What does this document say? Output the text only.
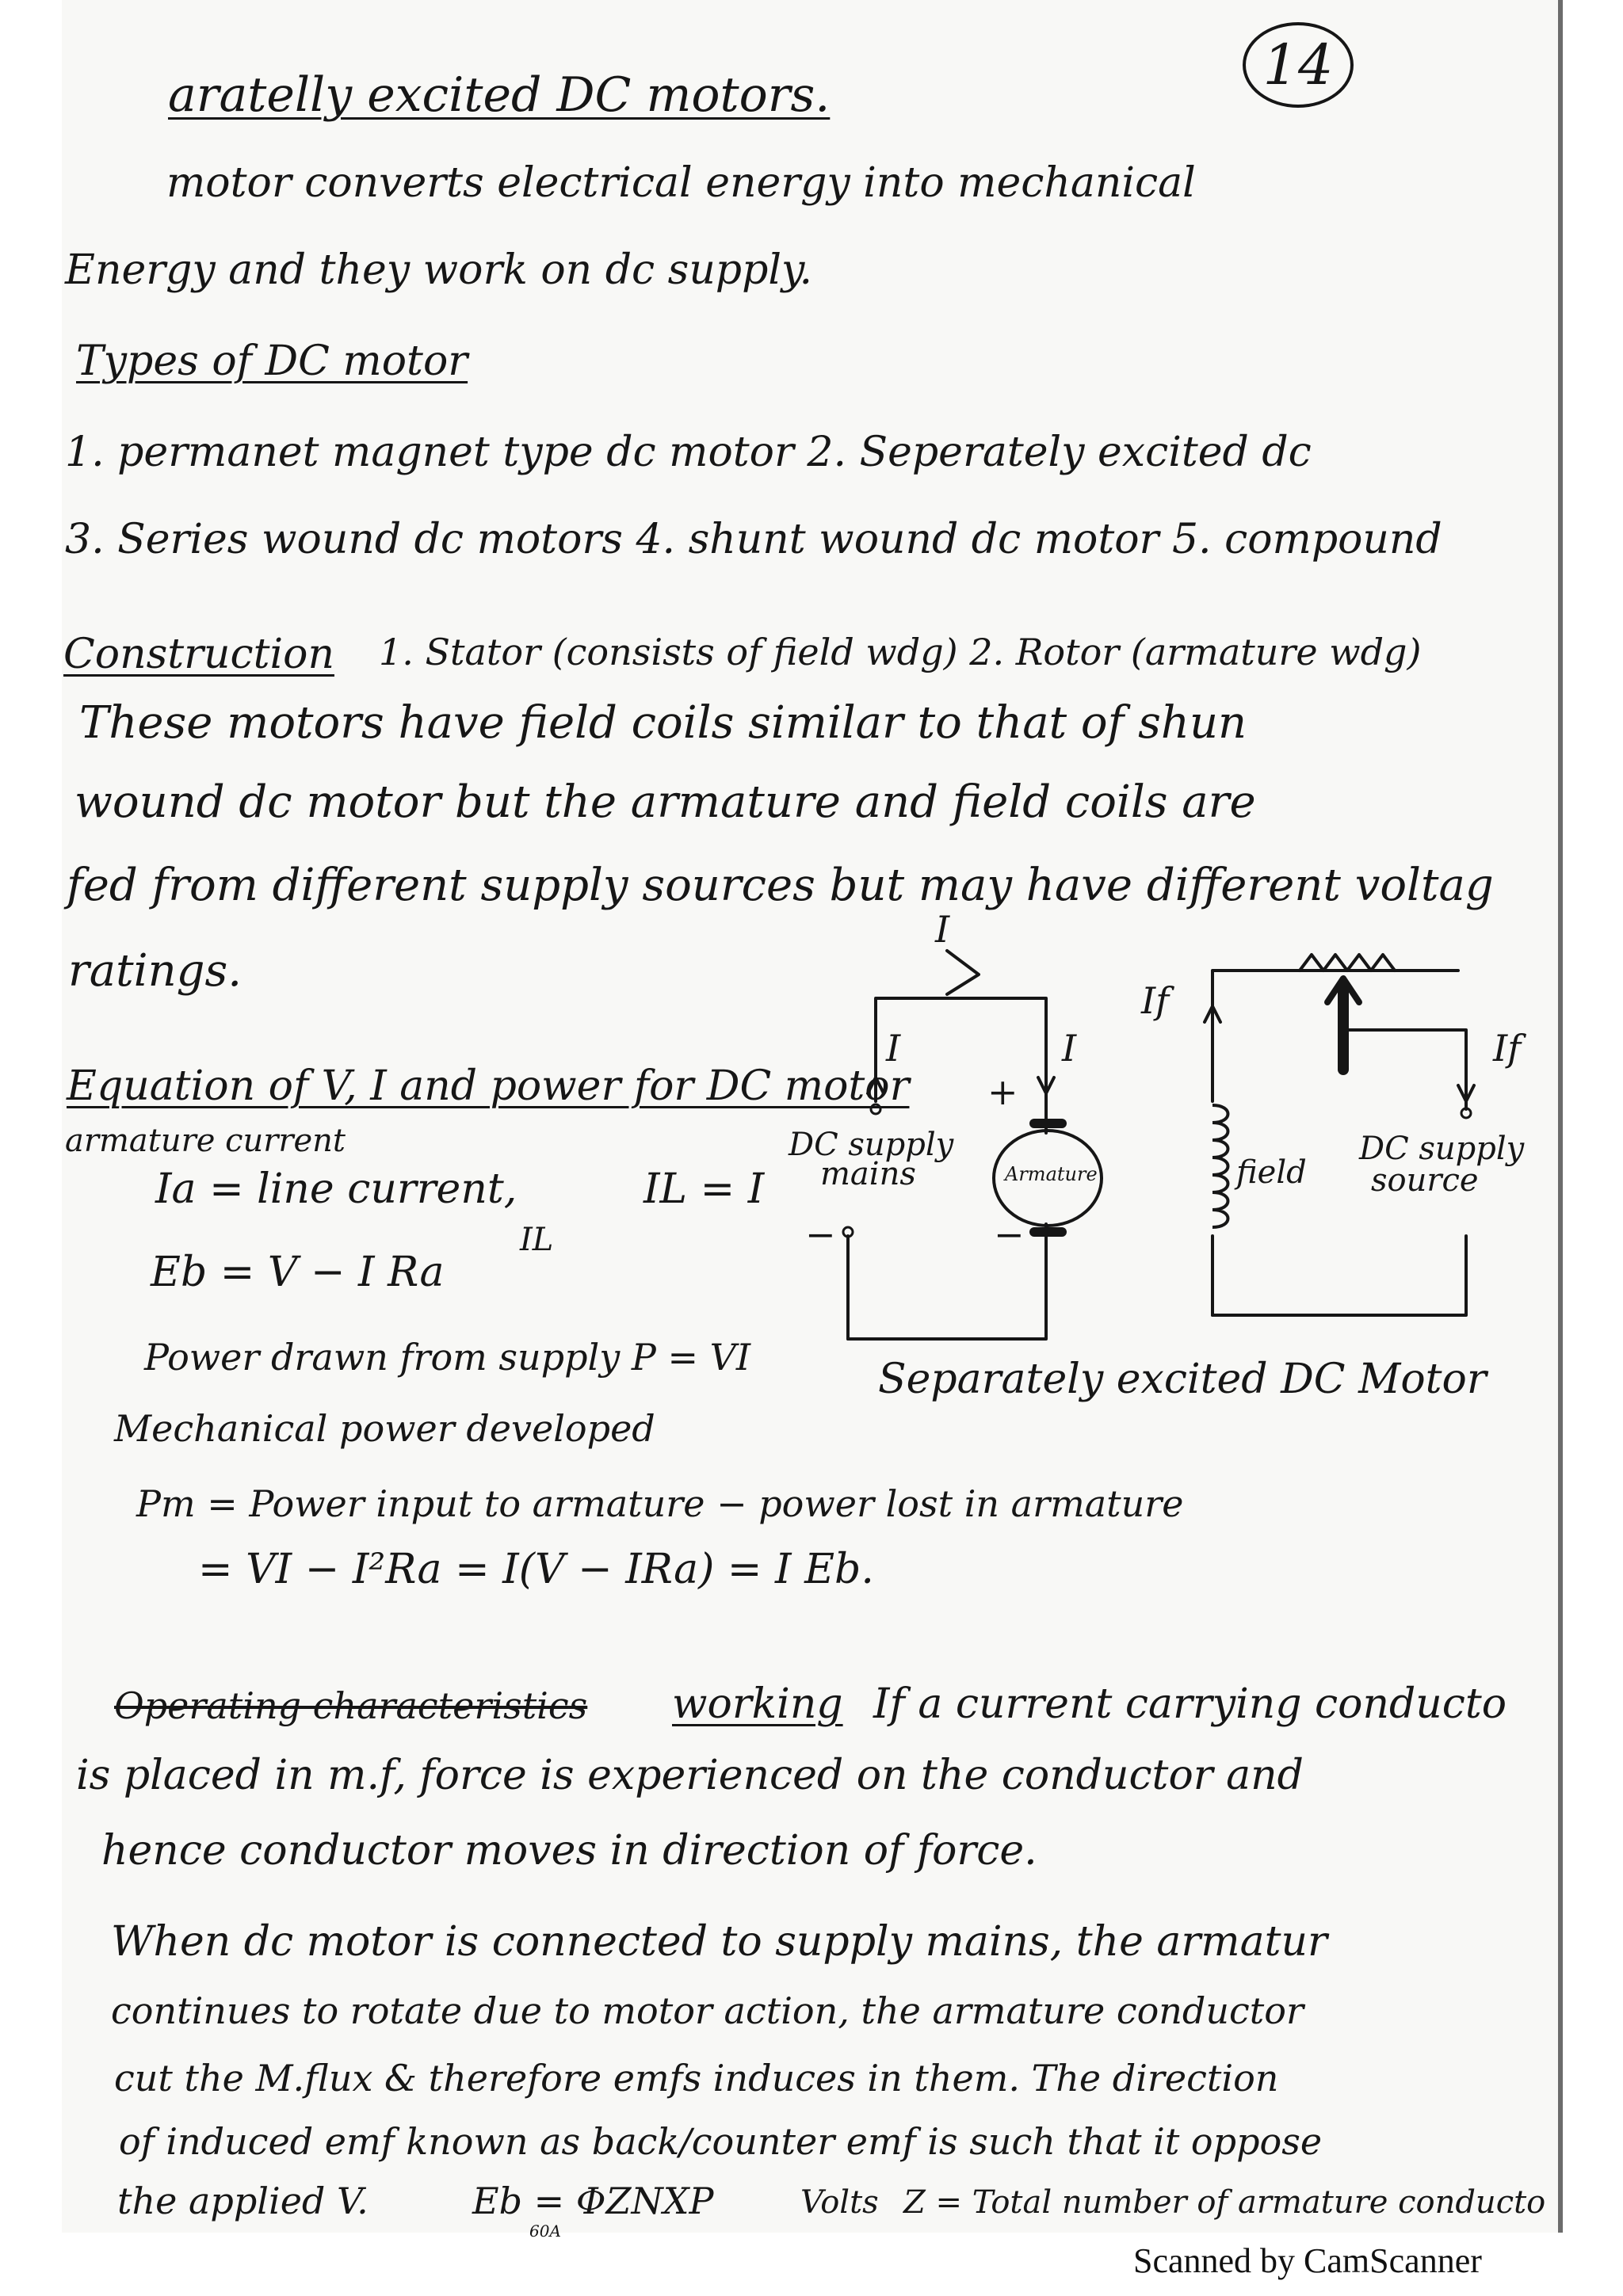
14
aratelly excited DC motors.
motor converts electrical energy into mechanical
Energy and they work on dc supply.
Types of DC motor
1. permanet magnet type dc motor 2. Seperately excited dc
3. Series wound dc motors 4. shunt wound dc motor 5. compound
Construction 1. Stator (consists of field wdg) 2. Rotor (armature wdg)
These motors have field coils similar to that of shun
wound dc motor but the armature and field coils are
fed from different supply sources but may have different voltag
ratings.
Equation of V, I and power for DC motor
armature current
Ia = line current,
IL
IL = I
Eb = V − I Ra
Power drawn from supply P = VI
Mechanical power developed
Pm = Power input to armature − power lost in armature
= VI − I²Ra = I(V − IRa) = I Eb.
I
I	I
+
−	−
DC supply
mains	Armature	field
If
If
DC supply
source
Separately excited DC Motor
Operating characteristics working If a current carrying conducto
is placed in m.f, force is experienced on the conductor and
hence conductor moves in direction of force.
When dc motor is connected to supply mains, the armatur
continues to rotate due to motor action, the armature conductor
cut the M.flux & therefore emfs induces in them. The direction
of induced emf known as back/counter emf is such that it oppose
the applied V.	Eb = ΦZNXP
60A
Volts Z = Total number of armature conducto
Scanned by CamScanner
